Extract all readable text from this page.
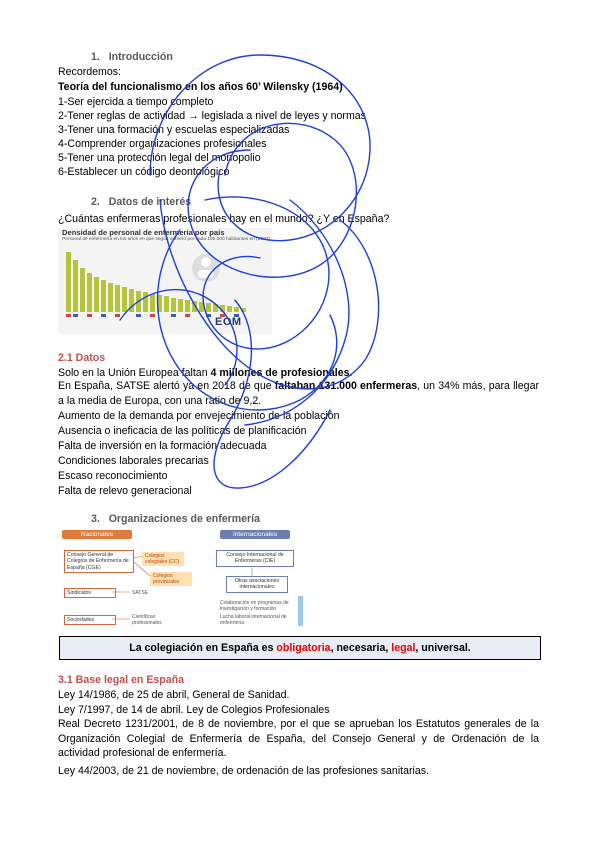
1. Introducción
Recordemos:
Teoría del funcionalismo en los años 60’ Wilensky (1964)
1-Ser ejercida a tiempo completo
2-Tener reglas de actividad → legislada a nivel de leyes y normas
3-Tener una formación y escuelas especializadas
4-Comprender organizaciones profesionales
5-Tener una protección legal del monopolio
6-Establecer un código deontológico
2. Datos de interés
¿Cuántas enfermeras profesionales hay en el mundo? ¿Y en España?
Densidad de personal de enfermería por país
Personal de enfermería en los años en que según número por cada 100.000 habitantes en (2022)
EOM
2.1 Datos
Solo en la Unión Europea faltan 4 millones de profesionales.
En España, SATSE alertó ya en 2018 de que faltaban 131.000 enfermeras, un 34% más, para llegar a la media de Europa, con una ratio de 9,2.
Aumento de la demanda por envejecimiento de la población
Ausencia o ineficacia de las políticas de planificación
Falta de inversión en la formación adecuada
Condiciones laborales precarias
Escaso reconocimiento
Falta de relevo generacional
3. Organizaciones de enfermería
Nacionales	Internacionales
Consejo General de Colegios de Enfermería de España (CGE)
Colegios colegiales (CC)
Colegios provinciales
Sindicatos	SATSE
Sociedades	Científicas profesionales
Consejo Internacional de Enfermeras (CIE)
Otras asociaciones internacionales
Colaboración en programas de investigación y formación
Lucha laboral internacional de enfermería
La colegiación en España es obligatoria, necesaria, legal, universal.
3.1 Base legal en España
Ley 14/1986, de 25 de abril, General de Sanidad.
Ley 7/1997, de 14 de abril. Ley de Colegios Profesionales
Real Decreto 1231/2001, de 8 de noviembre, por el que se aprueban los Estatutos generales de la Organización Colegial de Enfermería de España, del Consejo General y de Ordenación de la actividad profesional de enfermería.
Ley 44/2003, de 21 de noviembre, de ordenación de las profesiones sanitarias.
